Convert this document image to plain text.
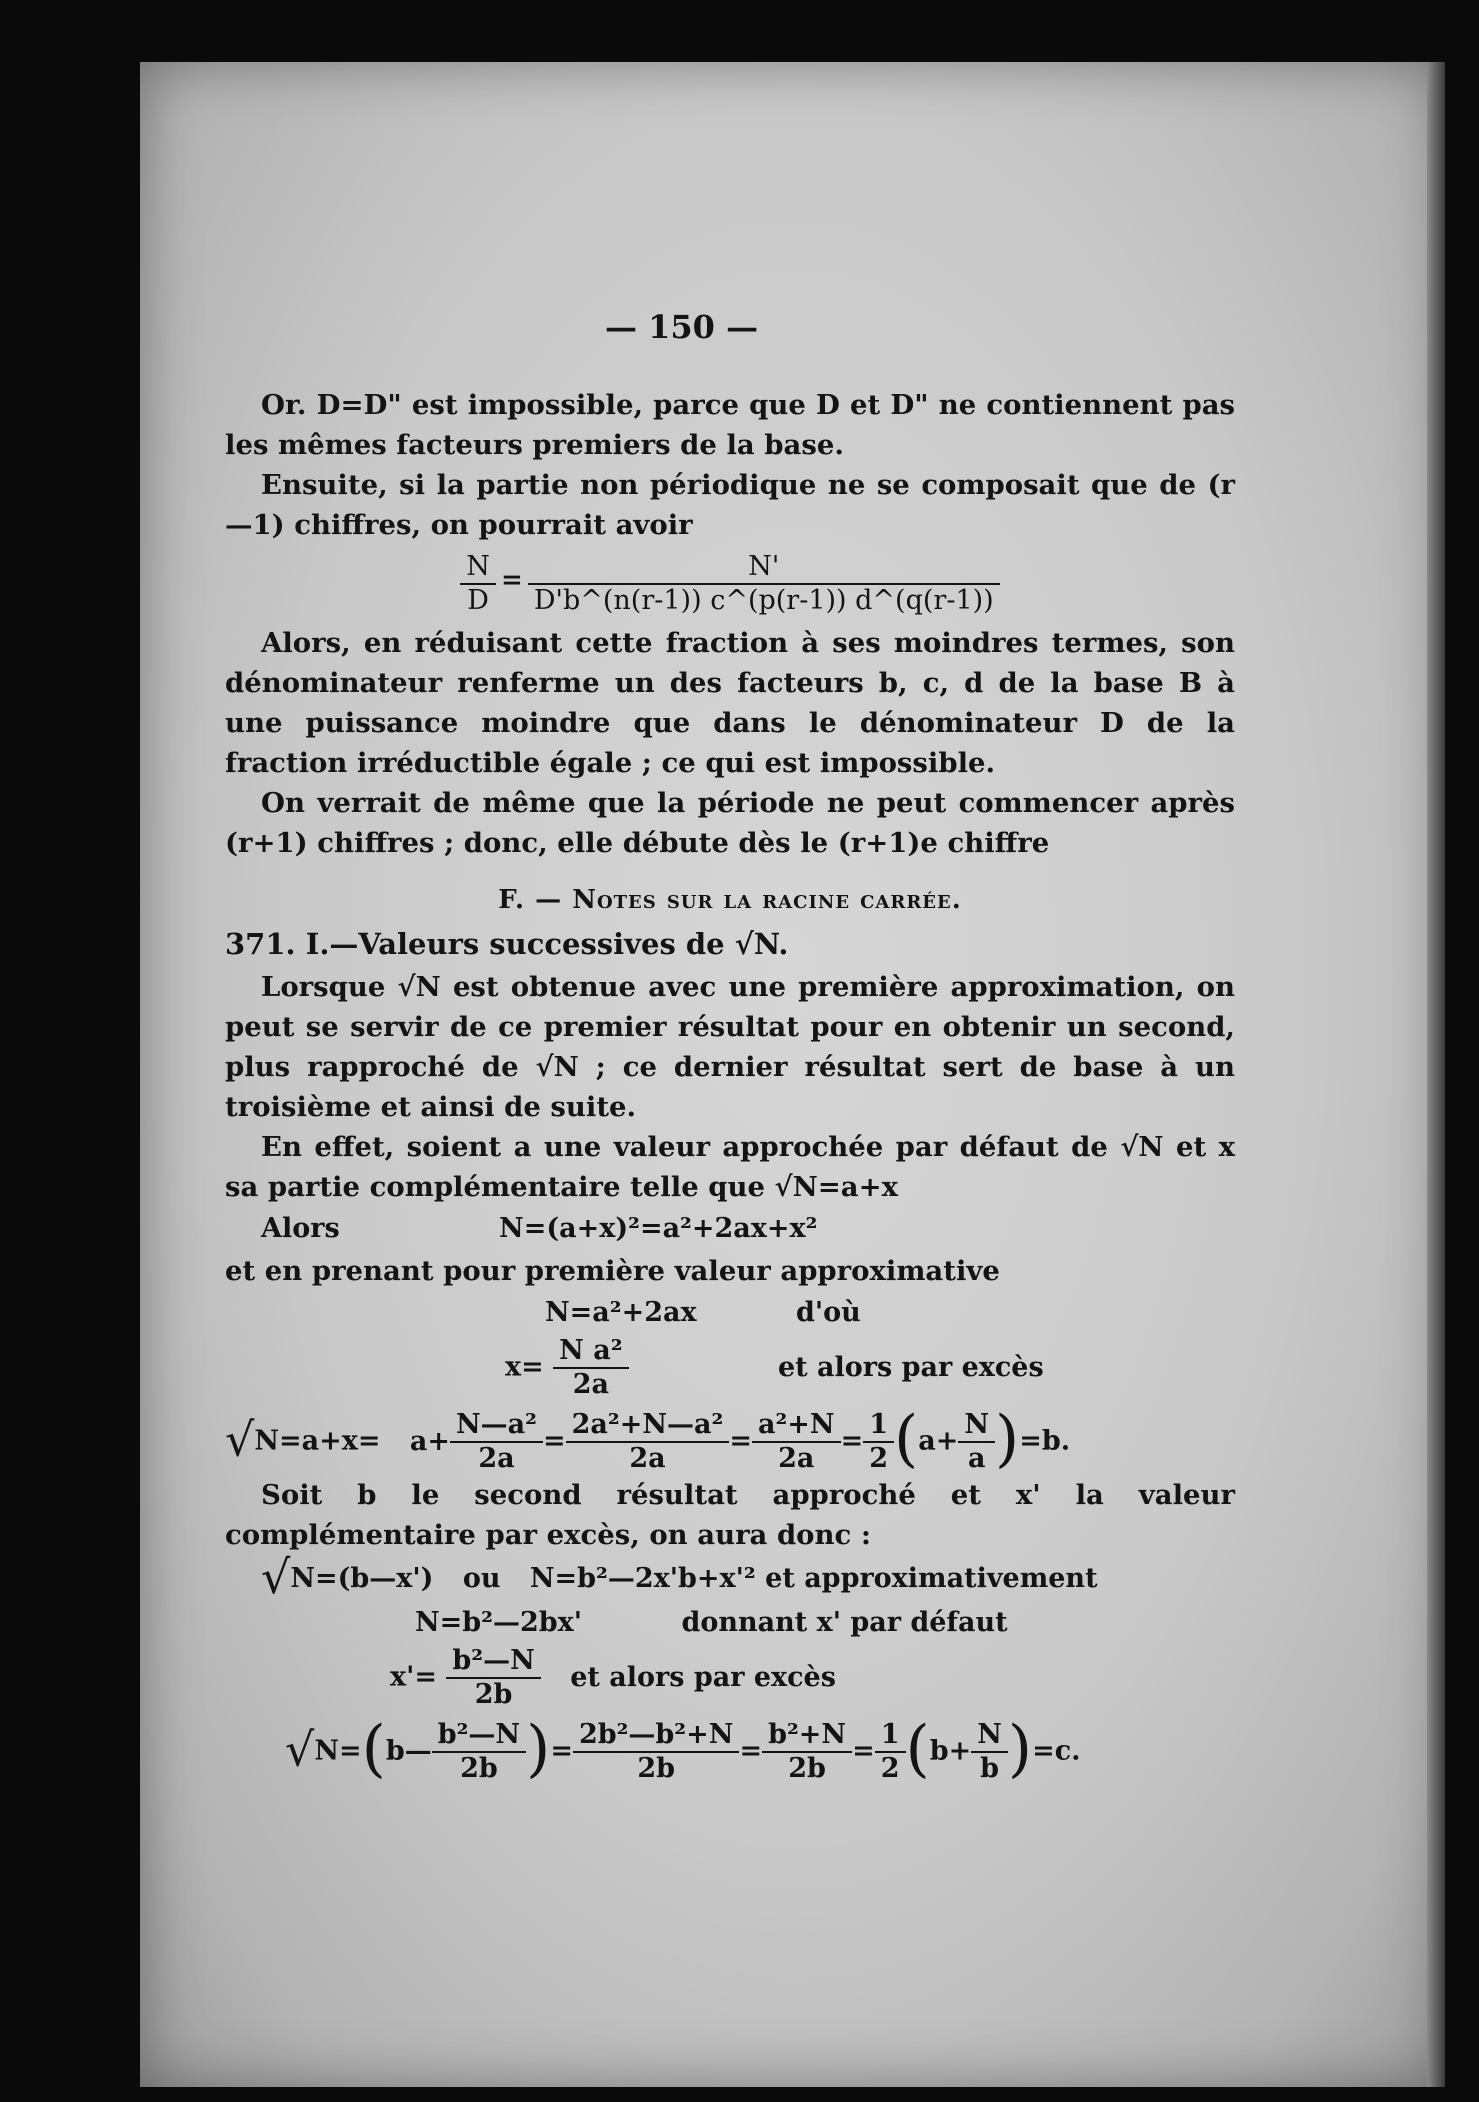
— 150 —

Or. D=D" est impossible, parce que D et D" ne contiennent pas les mêmes facteurs premiers de la base.

Ensuite, si la partie non périodique ne se composait que de (r—1) chiffres, on pourrait avoir

$\frac{N}{D} = \frac{N'}{D'b\^{}(n(r-1)) c\^{}(p(r-1)) d\^{}(q(r-1))}$

Alors, en réduisant cette fraction à ses moindres termes, son dénominateur renferme un des facteurs b, c, d de la base B à une puissance moindre que dans le dénominateur D de la fraction irréductible égale ; ce qui est impossible.

On verrait de même que la période ne peut commencer après (r+1) chiffres ; donc, elle débute dès le (r+1)e chiffre

F. — Notes sur la racine carrée.
371. I.—Valeurs successives de √N.

Lorsque √N est obtenue avec une première approximation, on peut se servir de ce premier résultat pour en obtenir un second, plus rapproché de √N ; ce dernier résultat sert de base à un troisième et ainsi de suite.

En effet, soient a une valeur approchée par défaut de √N et x sa partie complémentaire telle que √N=a+x

Alors	N=(a+x)²=a²+2ax+x²

et en prenant pour première valeur approximative

N=a²+2ax	d'où
$x= \frac{\text{N a²}}{2a}$	et alors par excès
$√N=a+x= a+ \frac{\text{N—a²}}{2a} = \frac{\text{2a²+N—a²}}{2a} = \frac{\text{a²+N}}{2a} = \frac{1}{2} (a+ \frac{N}{a} )=b$.

Soit b le second résultat approché et x' la valeur complémentaire par excès, on aura donc :

√N=(b—x') ou N=b²—2x'b+x'² et approximativement
N=b²—2bx'	donnant x' par défaut
$x'= \frac{\text{b²—N}}{2b}$ et alors par excès
√N=(b— $\frac{\text{b²—N}}{2b}$ )= $\frac{\text{2b²—b²+N}}{2b} = \frac{\text{b²+N}}{2b} = \frac{1}{2} (b+ \frac{N}{b} )=c$.
